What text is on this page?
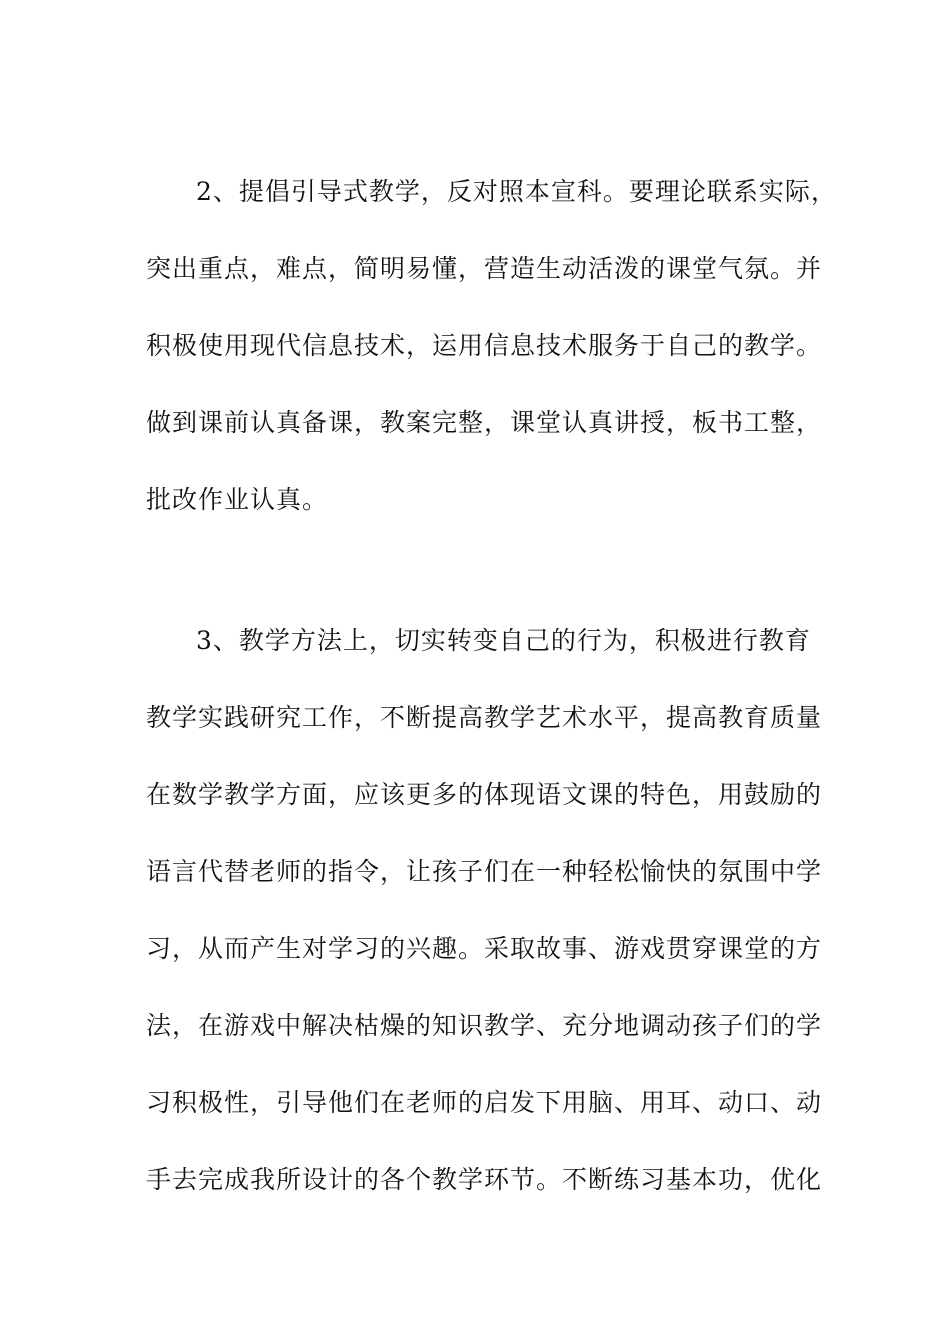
2、提倡引导式教学，反对照本宣科。要理论联系实际，
突出重点，难点，简明易懂，营造生动活泼的课堂气氛。并
积极使用现代信息技术，运用信息技术服务于自己的教学。
做到课前认真备课，教案完整，课堂认真讲授，板书工整，
批改作业认真。
3、教学方法上，切实转变自己的行为，积极进行教育
教学实践研究工作，不断提高教学艺术水平，提高教育质量
在数学教学方面，应该更多的体现语文课的特色，用鼓励的
语言代替老师的指令，让孩子们在一种轻松愉快的氛围中学
习，从而产生对学习的兴趣。采取故事、游戏贯穿课堂的方
法，在游戏中解决枯燥的知识教学、充分地调动孩子们的学
习积极性，引导他们在老师的启发下用脑、用耳、动口、动
手去完成我所设计的各个教学环节。不断练习基本功，优化
